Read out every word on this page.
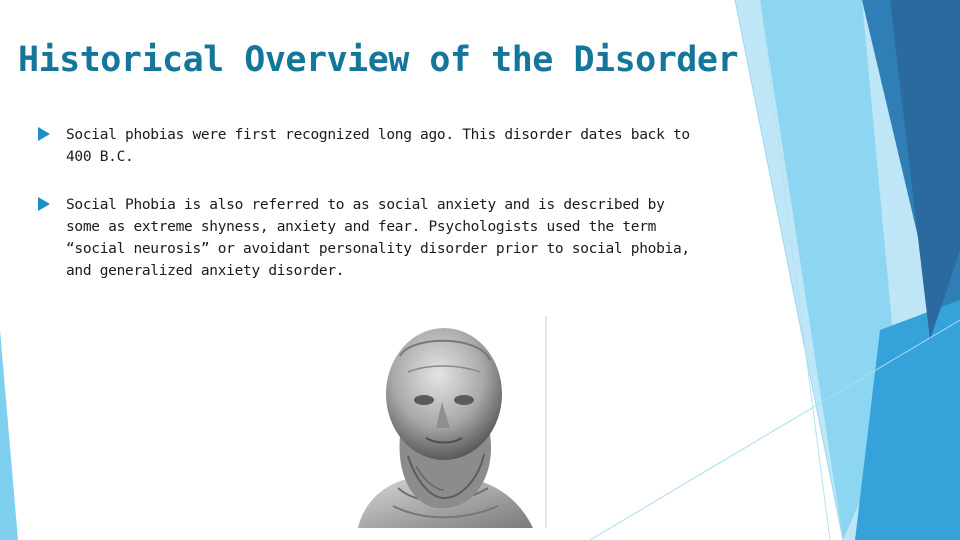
Historical Overview of the Disorder
Social phobias were first recognized long ago. This disorder dates back to 400 B.C.
Social Phobia is also referred to as social anxiety and is described by some as extreme shyness, anxiety and fear. Psychologists used the term “social neurosis” or avoidant personality disorder prior to social phobia, and generalized anxiety disorder.
